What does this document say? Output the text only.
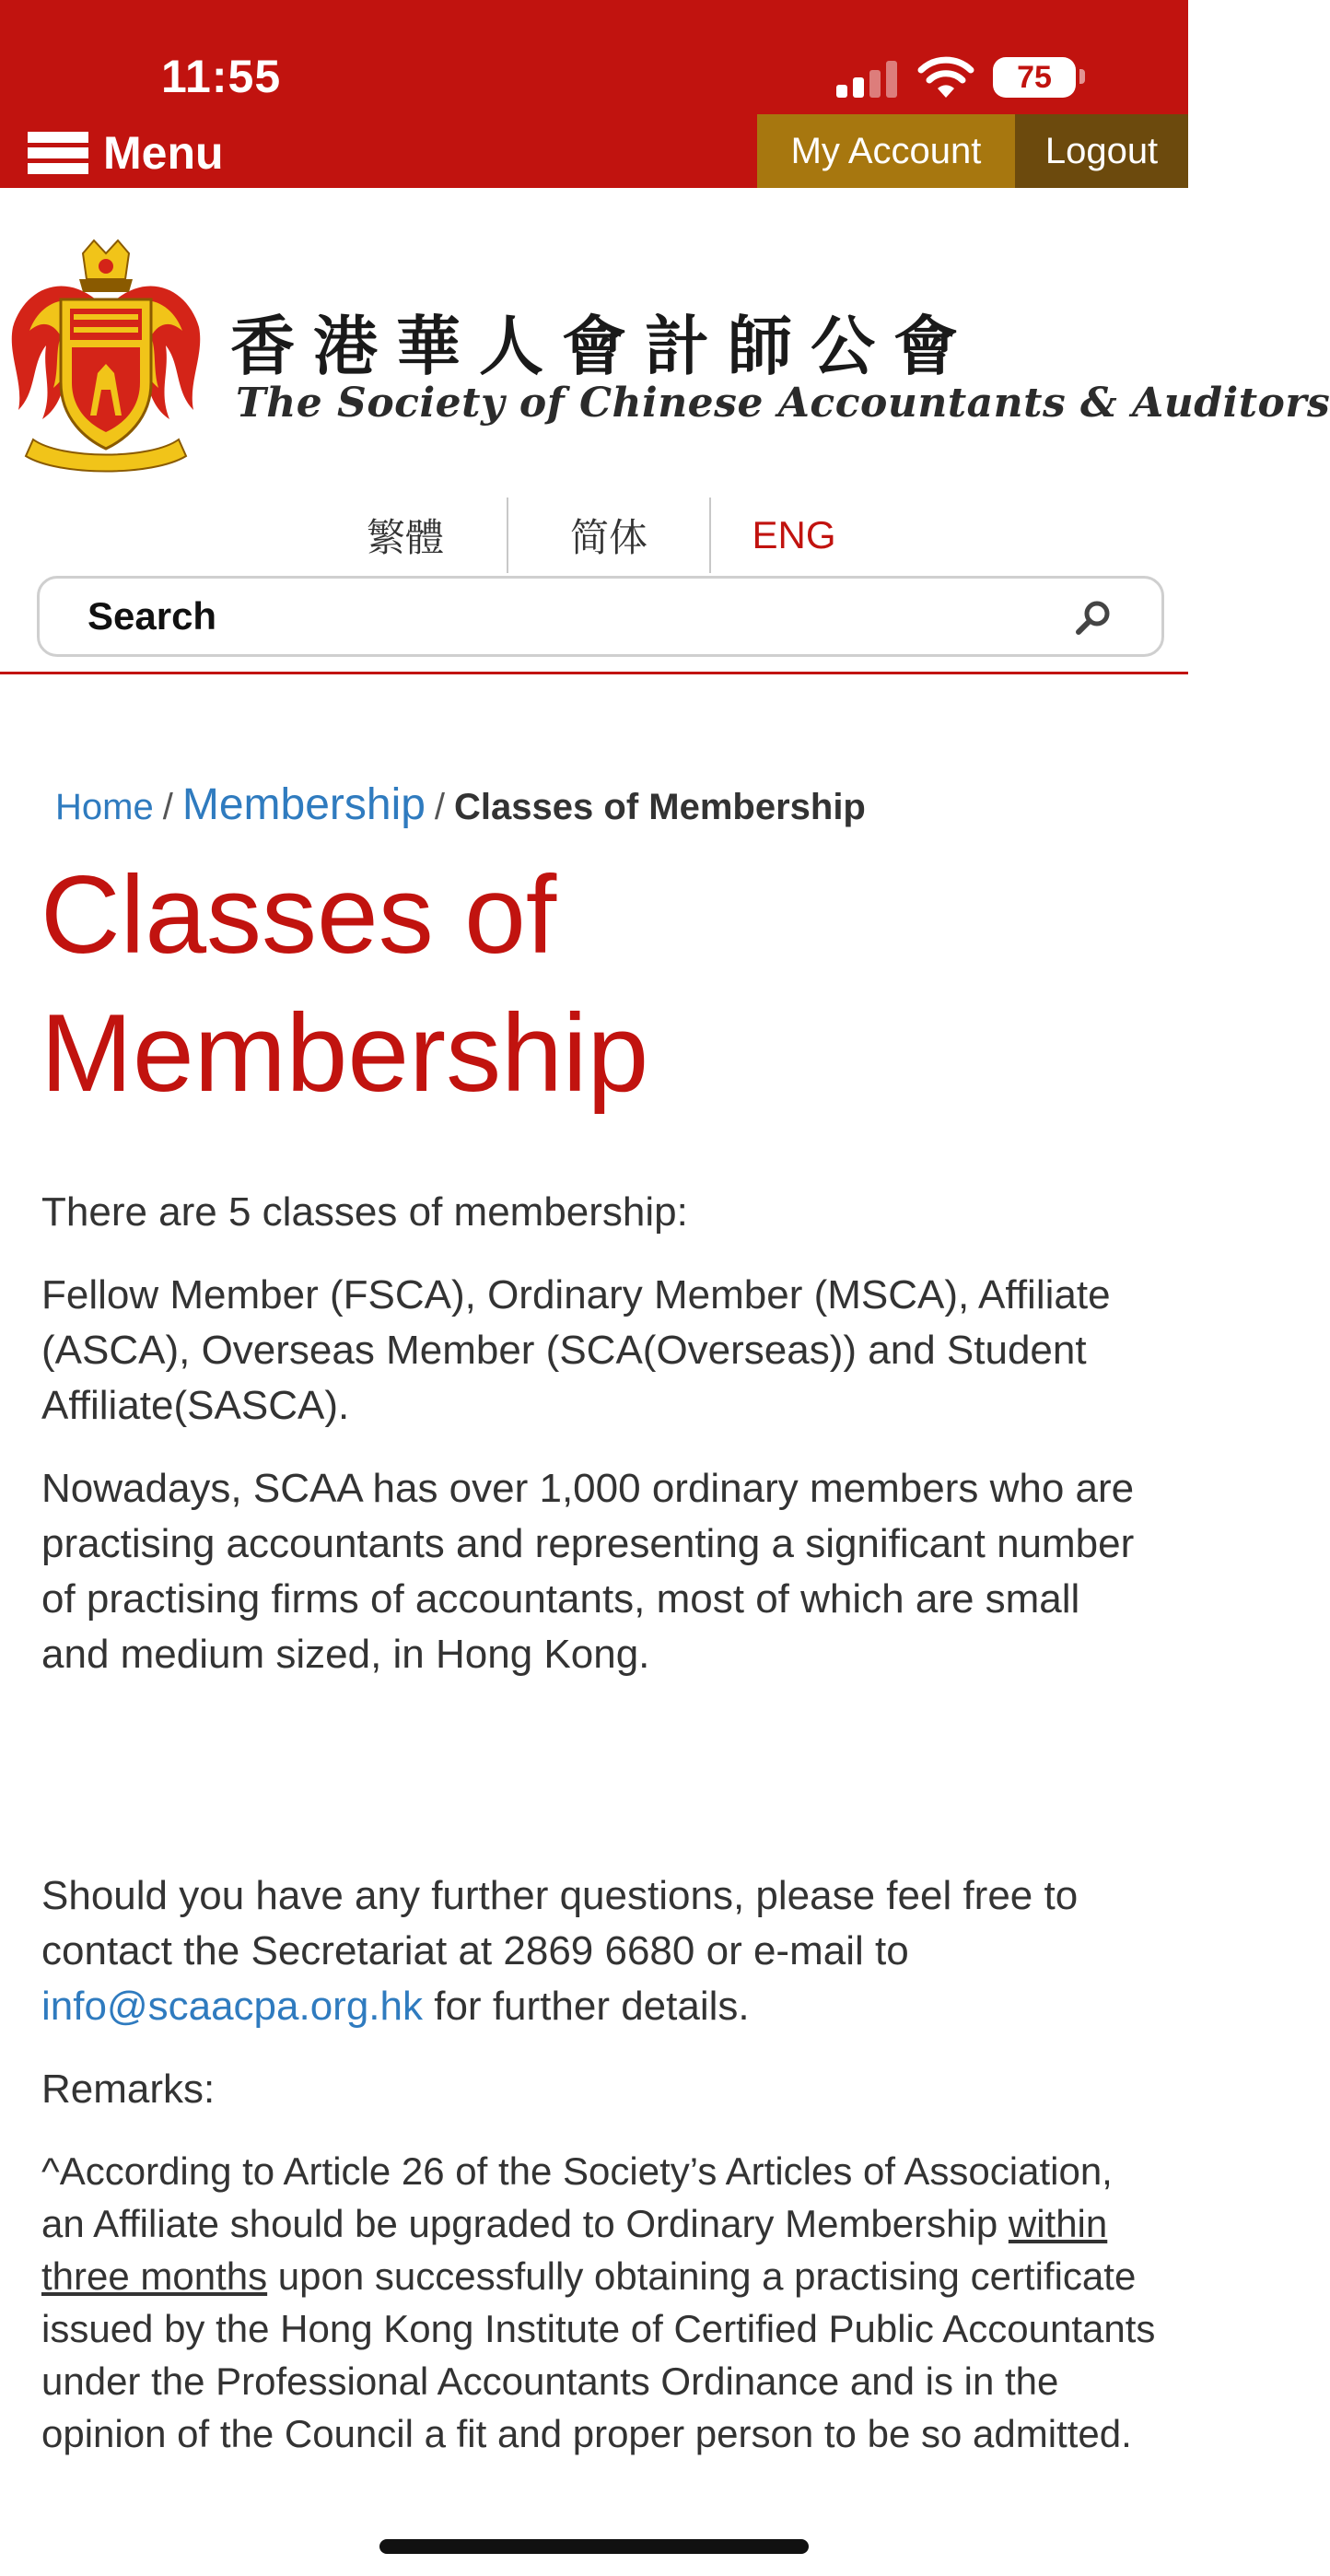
11:55	75
Menu	My Account	Logout
香港華人會計師公會
The Society of Chinese Accountants & Auditors
繁體	简体	ENG
Search
Home / Membership / Classes of Membership
Classes of Membership

There are 5 classes of membership:

Fellow Member (FSCA), Ordinary Member (MSCA), Affiliate (ASCA), Overseas Member (SCA(Overseas)) and Student Affiliate(SASCA).

Nowadays, SCAA has over 1,000 ordinary members who are practising accountants and representing a significant number of practising firms of accountants, most of which are small and medium sized, in Hong Kong.

Should you have any further questions, please feel free to contact the Secretariat at 2869 6680 or e-mail to info@scaacpa.org.hk for further details.

Remarks:

^According to Article 26 of the Society’s Articles of Association, an Affiliate should be upgraded to Ordinary Membership within three months upon successfully obtaining a practising certificate issued by the Hong Kong Institute of Certified Public Accountants under the Professional Accountants Ordinance and is in the opinion of the Council a fit and proper person to be so admitted.
